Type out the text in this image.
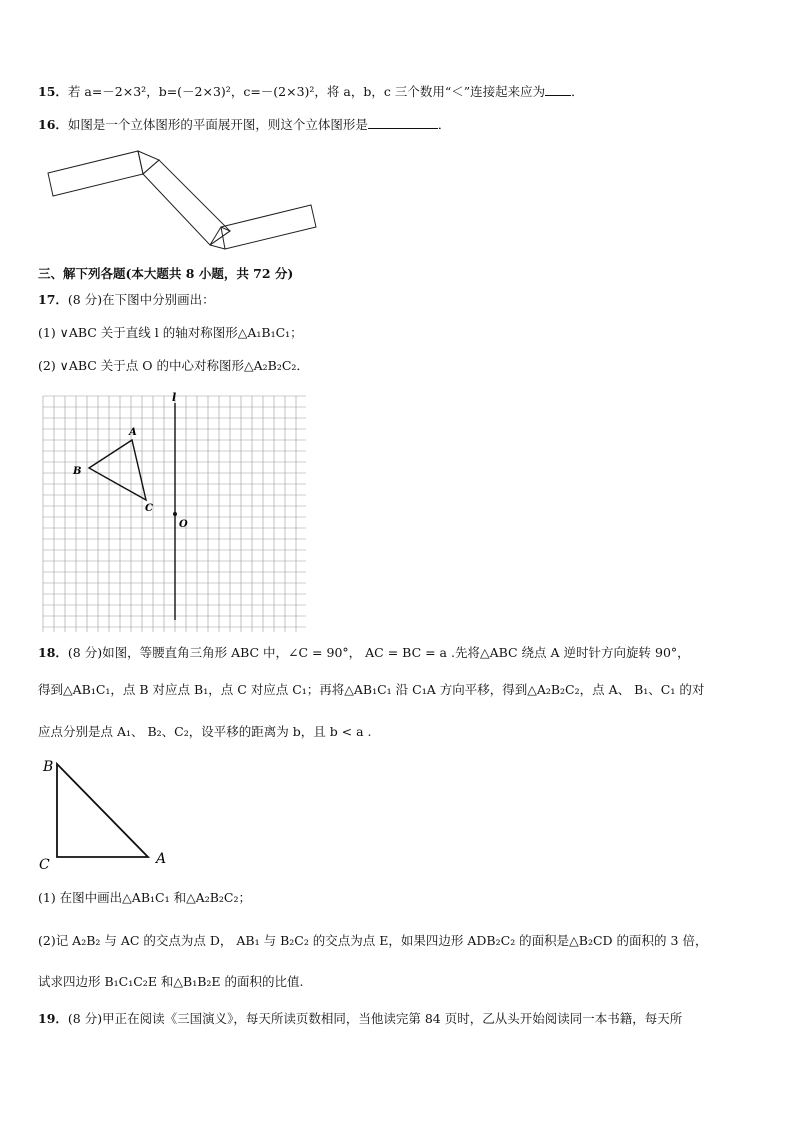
15．若 a=－2×3²，b=(－2×3)²，c=－(2×3)²，将 a，b，c 三个数用“＜”连接起来应为 ．
16．如图是一个立体图形的平面展开图，则这个立体图形是	．
三、解下列各题(本大题共 8 小题，共 72 分)
17．(8 分)在下图中分别画出：
(1) ∨ABC 关于直线 l 的轴对称图形△A₁B₁C₁；
(2) ∨ABC 关于点 O 的中心对称图形△A₂B₂C₂．
l
A
B
C
O
18．(8 分)如图，等腰直角三角形 ABC 中，∠C = 90°， AC = BC = a .先将△ABC 绕点 A 逆时针方向旋转 90°，
得到△AB₁C₁，点 B 对应点 B₁，点 C 对应点 C₁；再将△AB₁C₁ 沿 C₁A 方向平移，得到△A₂B₂C₂，点 A、 B₁、C₁ 的对
应点分别是点 A₁、 B₂、C₂，设平移的距离为 b，且 b < a .
B
C	A
(1) 在图中画出△AB₁C₁ 和△A₂B₂C₂；
(2)记 A₂B₂ 与 AC 的交点为点 D， AB₁ 与 B₂C₂ 的交点为点 E，如果四边形 ADB₂C₂ 的面积是△B₂CD 的面积的 3 倍，
试求四边形 B₁C₁C₂E 和△B₁B₂E 的面积的比值.
19．(8 分)甲正在阅读《三国演义》，每天所读页数相同，当他读完第 84 页时，乙从头开始阅读同一本书籍，每天所
